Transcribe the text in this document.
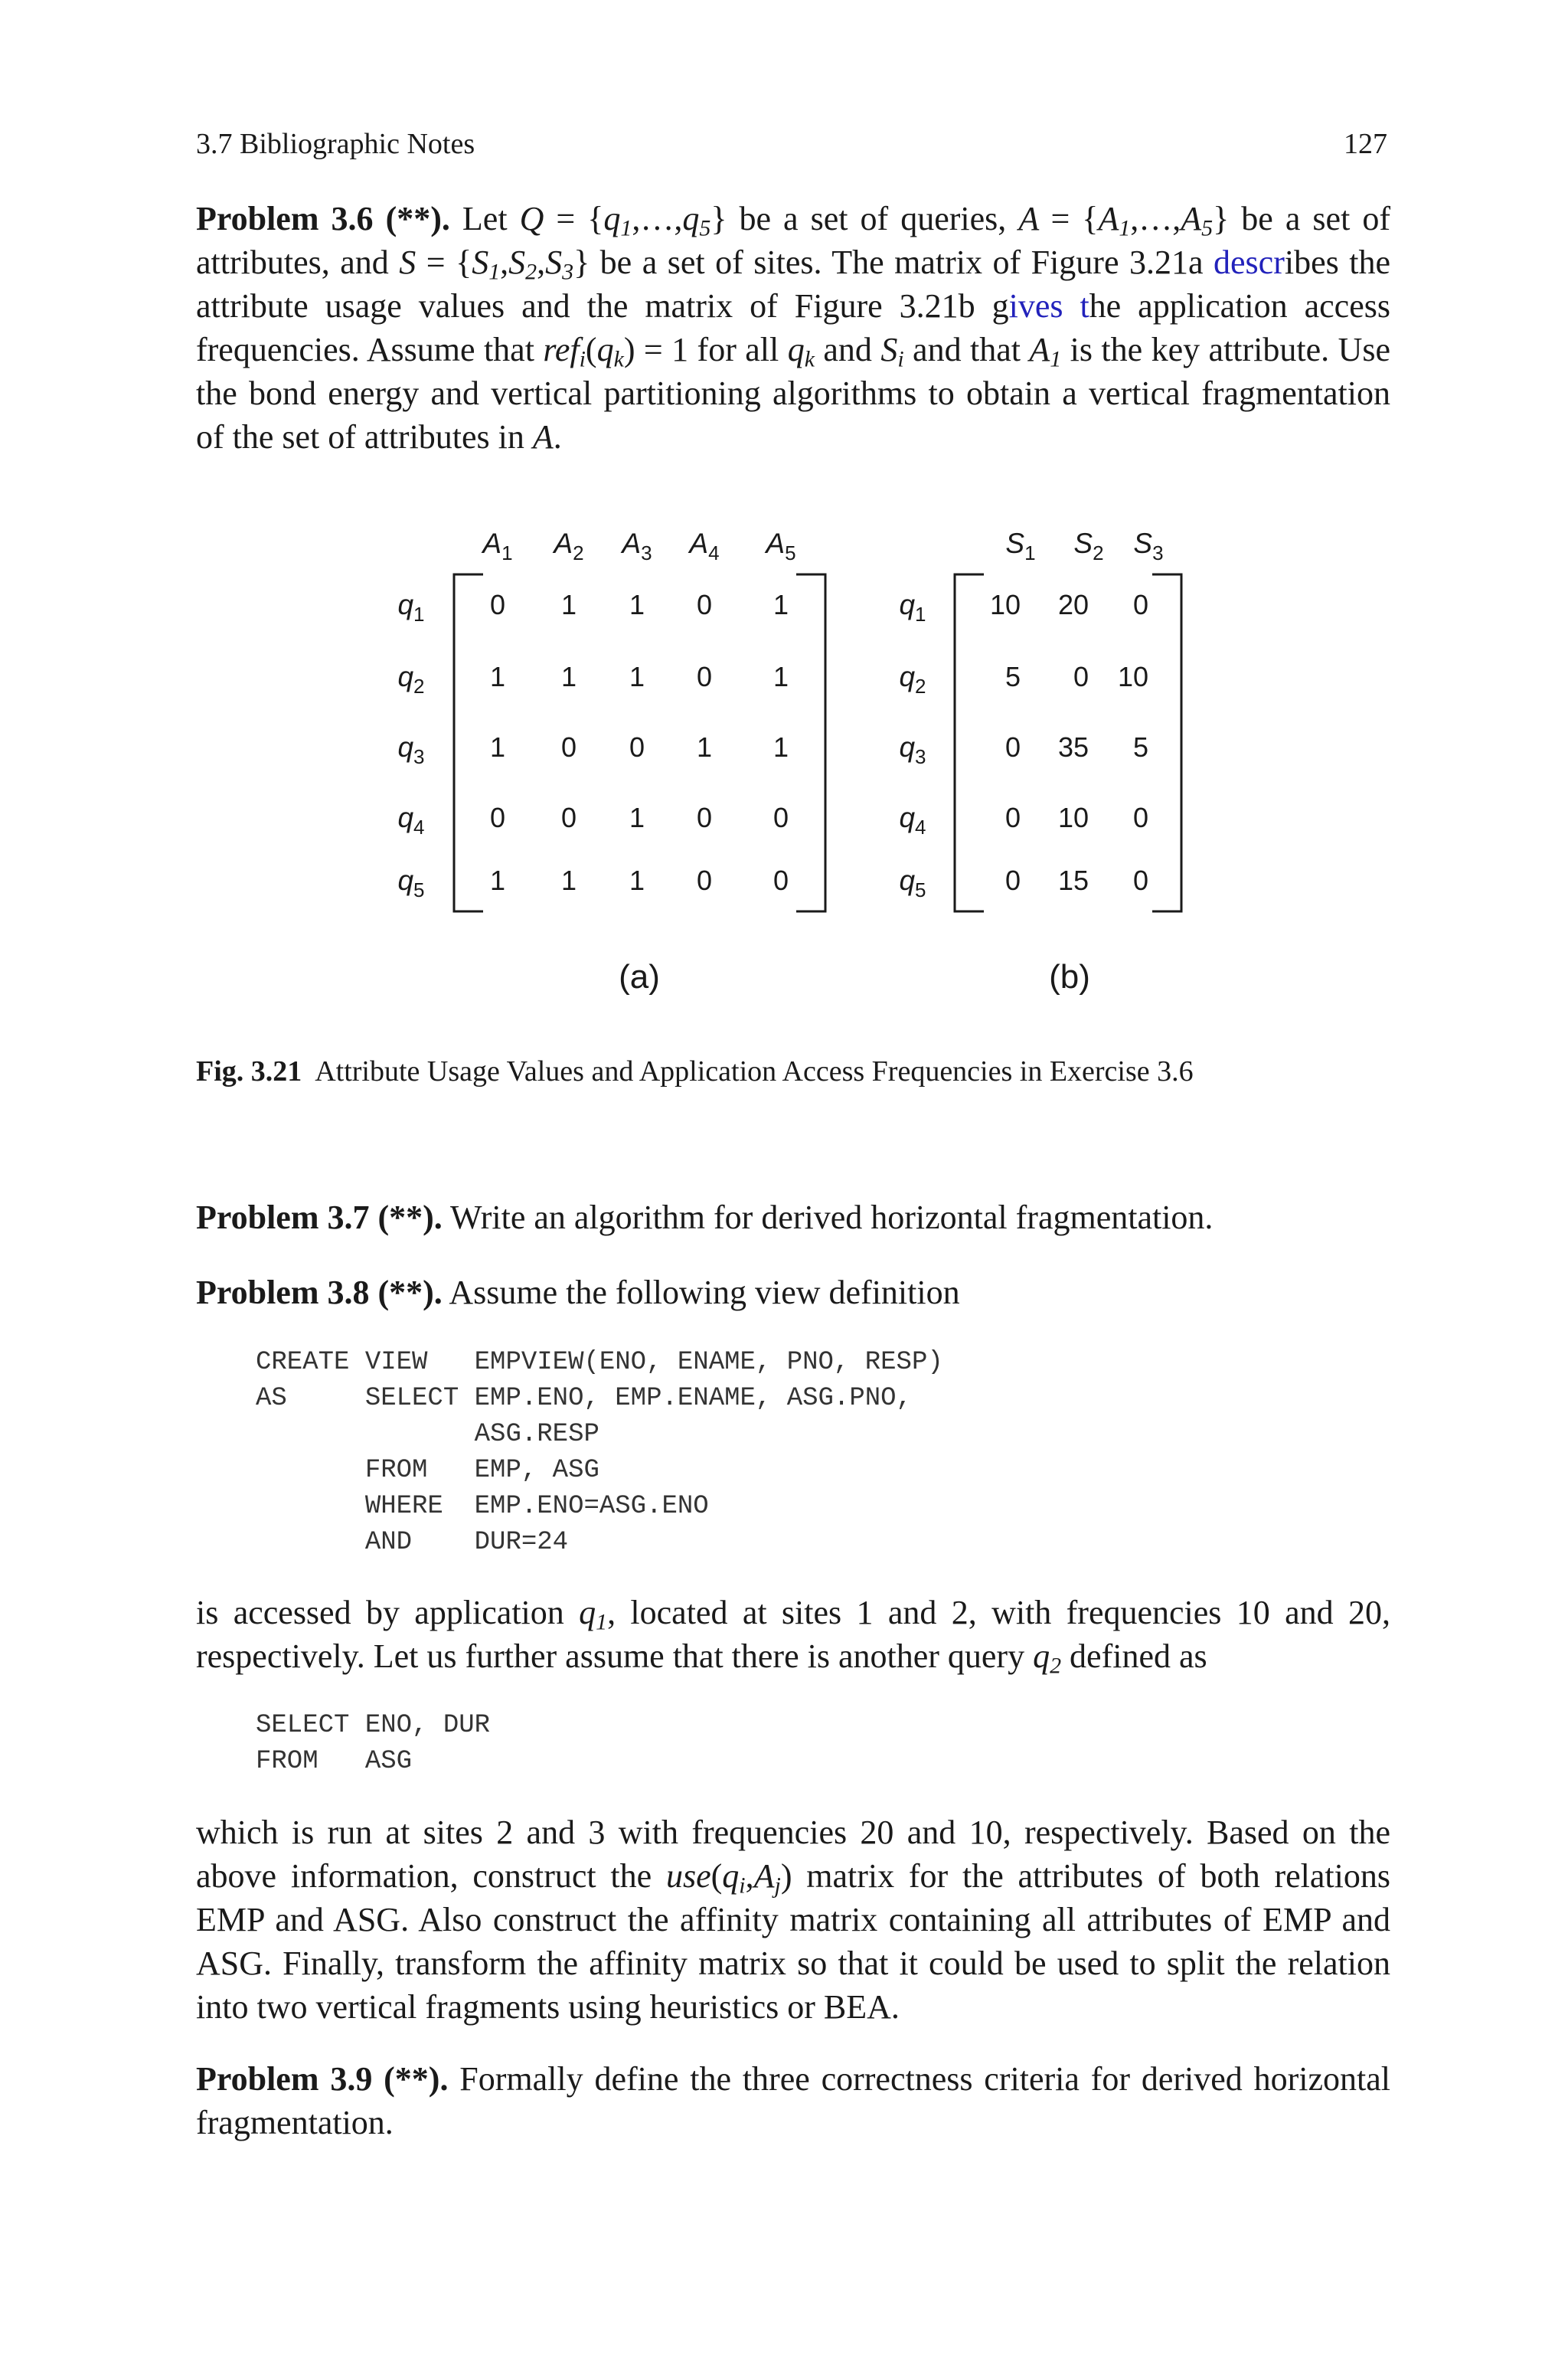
3.7 Bibliographic Notes	127
Problem 3.6 (**). Let $Q = \{q_1,\dots,q_5\}$ be a set of queries, $A = \{A_1,\dots,A_5\}$ be a set of attributes, and $S = \{S_1,S_2,S_3\}$ be a set of sites. The matrix of Figure 3.21a describes the attribute usage values and the matrix of Figure 3.21b gives the application access frequencies. Assume that $ref_i(q_k) = 1$ for all $q_k$ and $S_i$ and that $A_1$ is the key attribute. Use the bond energy and vertical partitioning algorithms to obtain a vertical fragmentation of the set of attributes in A.
$A_1$ $A_2$ $A_3$ $A_4$ $A_5$
$q_1$
$q_2$
$q_3$
$q_4$
$q_5$
0 1 1 0 1
1 1 1 0 1
1 0 0 1 1
0 0 1 0 0
1 1 1 0 0
(a)
$S_1$ $S_2$ $S_3$
$q_1$
$q_2$
$q_3$
$q_4$
$q_5$
10 20 0
5 0 10
0 35 5
0 10 0
0 15 0
(b)
Fig. 3.21 Attribute Usage Values and Application Access Frequencies in Exercise 3.6
Problem 3.7 (**). Write an algorithm for derived horizontal fragmentation.
Problem 3.8 (**). Assume the following view definition
CREATE VIEW   EMPVIEW(ENO, ENAME, PNO, RESP)
AS     SELECT EMP.ENO, EMP.ENAME, ASG.PNO,
ASG.RESP
FROM   EMP, ASG
WHERE  EMP.ENO=ASG.ENO
AND    DUR=24
is accessed by application $q_1$, located at sites 1 and 2, with frequencies 10 and 20, respectively. Let us further assume that there is another query $q_2$ defined as
SELECT ENO, DUR
FROM   ASG
which is run at sites 2 and 3 with frequencies 20 and 10, respectively. Based on the above information, construct the $use(q_i,A_j)$ matrix for the attributes of both relations EMP and ASG. Also construct the affinity matrix containing all attributes of EMP and ASG. Finally, transform the affinity matrix so that it could be used to split the relation into two vertical fragments using heuristics or BEA.
Problem 3.9 (**). Formally define the three correctness criteria for derived horizontal fragmentation.
